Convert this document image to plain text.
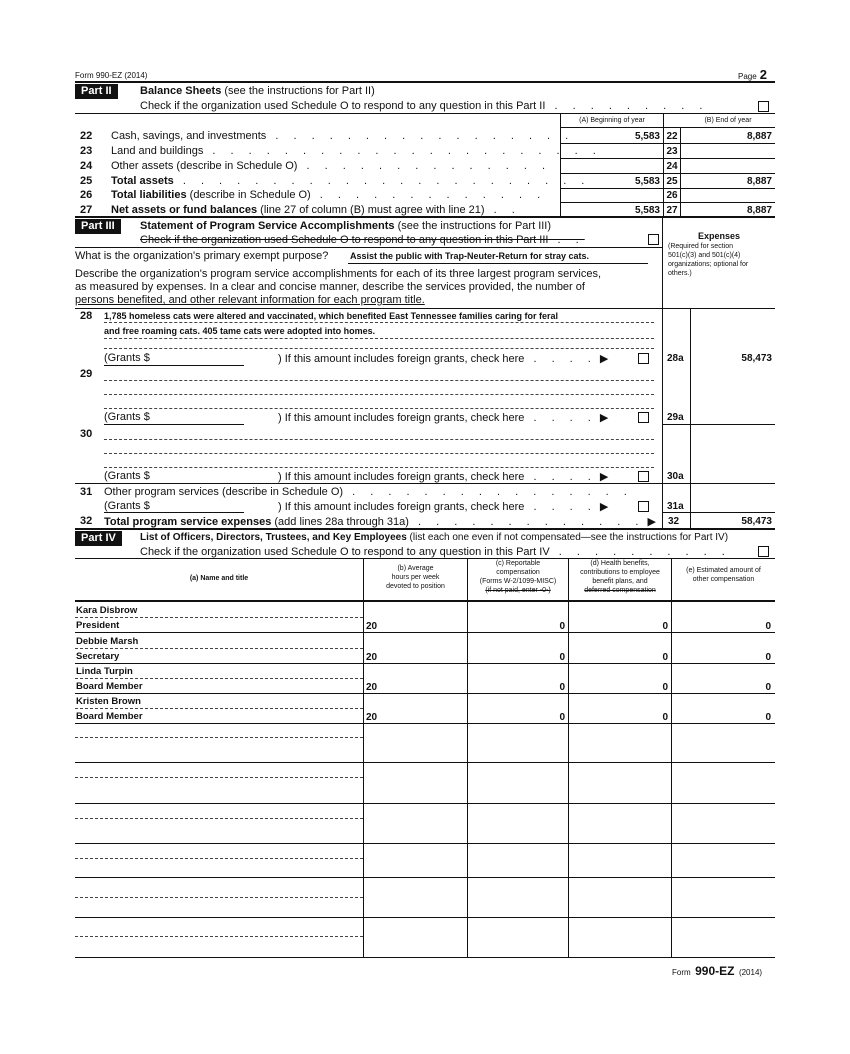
Form 990-EZ (2014)	Page 2
Part II	Balance Sheets (see the instructions for Part II)
Check if the organization used Schedule O to respond to any question in this Part II . . . . . . . . .
(A) Beginning of year	(B) End of year
22 Cash, savings, and investments . . . . . . . . . . . . . . . . .	5,583 22	8,887
23 Land and buildings . . . . . . . . . . . . . . . . . . . . . .	23
24 Other assets (describe in Schedule O) . . . . . . . . . . . . . .	24
25 Total assets . . . . . . . . . . . . . . . . . . . . . . .	5,583 25	8,887
26 Total liabilities (describe in Schedule O) . . . . . . . . . . . . .	26
27 Net assets or fund balances (line 27 of column (B) must agree with line 21) . .	5,583 27	8,887
Part III	Statement of Program Service Accomplishments (see the instructions for Part III)
Check if the organization used Schedule O to respond to any question in this Part III . .	Expenses
(Required for section
501(c)(3) and 501(c)(4)
organizations; optional for
others.)
What is the organization's primary exempt purpose? Assist the public with Trap-Neuter-Return for stray cats.
Describe the organization's program service accomplishments for each of its three largest program services,
as measured by expenses. In a clear and concise manner, describe the services provided, the number of
persons benefited, and other relevant information for each program title.
28 1,785 homeless cats were altered and vaccinated, which benefited East Tennessee families caring for feral
and free roaming cats. 405 tame cats were adopted into homes.
(Grants $	) If this amount includes foreign grants, check here . . . . ▶	28a	58,473
29
(Grants $	) If this amount includes foreign grants, check here . . . . ▶	29a
30
(Grants $	) If this amount includes foreign grants, check here . . . . ▶	30a
31 Other program services (describe in Schedule O) . . . . . . . . . . . . . . . .
(Grants $	) If this amount includes foreign grants, check here . . . . ▶	31a
32 Total program service expenses (add lines 28a through 31a) . . . . . . . . . . . . . ▶ 32	58,473
Part IV	List of Officers, Directors, Trustees, and Key Employees (list each one even if not compensated—see the instructions for Part IV)
Check if the organization used Schedule O to respond to any question in this Part IV . . . . . . . . . .
(a) Name and title
(b) Average
hours per week
devoted to position
(c) Reportable
compensation
(Forms W-2/1099-MISC)
(if not paid, enter -0-)
(d) Health benefits,
contributions to employee
benefit plans, and
deferred compensation
(e) Estimated amount of
other compensation
Kara Disbrow
President	20	0	0	0
Debbie Marsh
Secretary	20	0	0	0
Linda Turpin
Board Member	20	0	0	0
Kristen Brown
Board Member	20	0	0	0
Form 990-EZ (2014)
